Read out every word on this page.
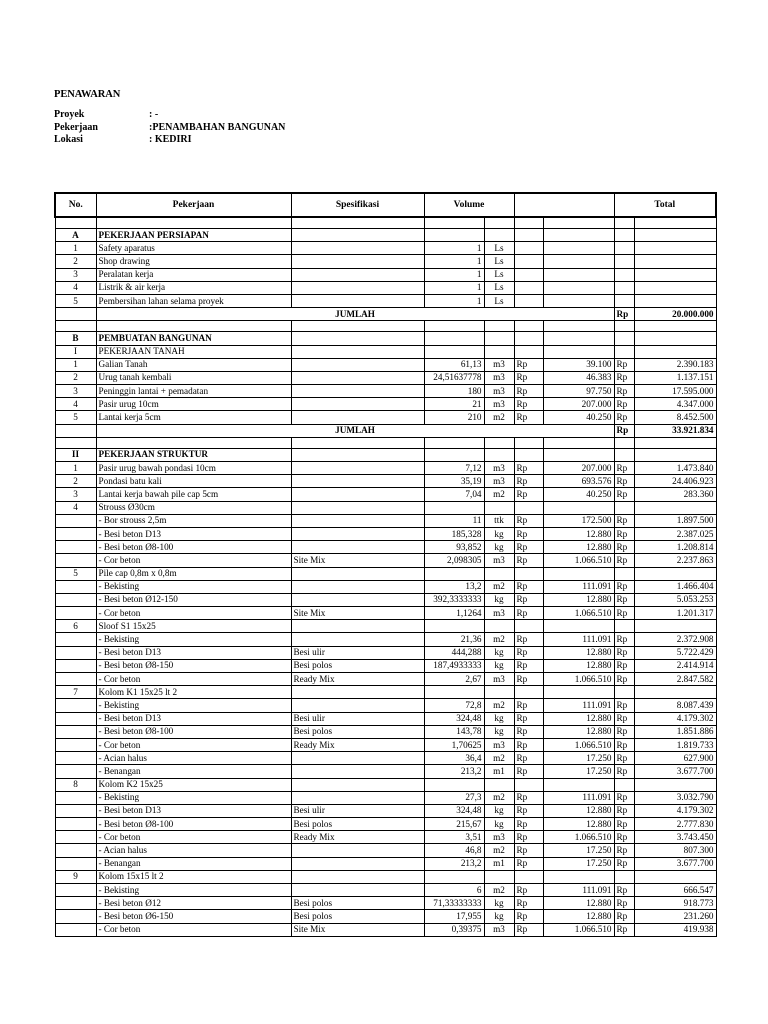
PENAWARAN
Proyek	: -
Pekerjaan	:PENAMBAHAN BANGUNAN
Lokasi	: KEDIRI
No.	Pekerjaan	Spesifikasi	Volume				Total	

A	PEKERJAAN PERSIAPAN							
1	Safety aparatus		1	Ls				
2	Shop drawing		1	Ls				
3	Peralatan kerja		1	Ls				
4	Listrik & air kerja		1	Ls				
5	Pembersihan lahan selama proyek		1	Ls				
	JUMLAH						Rp	20.000.000

B	PEMBUATAN BANGUNAN							
I	PEKERJAAN TANAH							
1	Galian Tanah		61,13	m3	Rp	39.100	Rp	2.390.183
2	Urug tanah kembali		24,51637778	m3	Rp	46.383	Rp	1.137.151
3	Peninggin lantai + pemadatan		180	m3	Rp	97.750	Rp	17.595.000
4	Pasir urug 10cm		21	m3	Rp	207.000	Rp	4.347.000
5	Lantai kerja 5cm		210	m2	Rp	40.250	Rp	8.452.500
	JUMLAH						Rp	33.921.834

II	PEKERJAAN STRUKTUR							
1	Pasir urug bawah pondasi 10cm		7,12	m3	Rp	207.000	Rp	1.473.840
2	Pondasi batu kali		35,19	m3	Rp	693.576	Rp	24.406.923
3	Lantai kerja bawah pile cap 5cm		7,04	m2	Rp	40.250	Rp	283.360
4	Strouss Ø30cm							
	- Bor strouss 2,5m		11	ttk	Rp	172.500	Rp	1.897.500
	- Besi beton D13		185,328	kg	Rp	12.880	Rp	2.387.025
	- Besi beton Ø8-100		93,852	kg	Rp	12.880	Rp	1.208.814
	- Cor beton	Site Mix	2,098305	m3	Rp	1.066.510	Rp	2.237.863
5	Pile cap 0,8m x 0,8m							
	- Bekisting		13,2	m2	Rp	111.091	Rp	1.466.404
	- Besi beton Ø12-150		392,3333333	kg	Rp	12.880	Rp	5.053.253
	- Cor beton	Site Mix	1,1264	m3	Rp	1.066.510	Rp	1.201.317
6	Sloof S1 15x25							
	- Bekisting		21,36	m2	Rp	111.091	Rp	2.372.908
	- Besi beton D13	Besi ulir	444,288	kg	Rp	12.880	Rp	5.722.429
	- Besi beton Ø8-150	Besi polos	187,4933333	kg	Rp	12.880	Rp	2.414.914
	- Cor beton	Ready Mix	2,67	m3	Rp	1.066.510	Rp	2.847.582
7	Kolom K1 15x25 lt 2							
	- Bekisting		72,8	m2	Rp	111.091	Rp	8.087.439
	- Besi beton D13	Besi ulir	324,48	kg	Rp	12.880	Rp	4.179.302
	- Besi beton Ø8-100	Besi polos	143,78	kg	Rp	12.880	Rp	1.851.886
	- Cor beton	Ready Mix	1,70625	m3	Rp	1.066.510	Rp	1.819.733
	- Acian halus		36,4	m2	Rp	17.250	Rp	627.900
	- Benangan		213,2	m1	Rp	17.250	Rp	3.677.700
8	Kolom K2 15x25							
	- Bekisting		27,3	m2	Rp	111.091	Rp	3.032.790
	- Besi beton D13	Besi ulir	324,48	kg	Rp	12.880	Rp	4.179.302
	- Besi beton Ø8-100	Besi polos	215,67	kg	Rp	12.880	Rp	2.777.830
	- Cor beton	Ready Mix	3,51	m3	Rp	1.066.510	Rp	3.743.450
	- Acian halus		46,8	m2	Rp	17.250	Rp	807.300
	- Benangan		213,2	m1	Rp	17.250	Rp	3.677.700
9	Kolom 15x15 lt 2							
	- Bekisting		6	m2	Rp	111.091	Rp	666.547
	- Besi beton Ø12	Besi polos	71,33333333	kg	Rp	12.880	Rp	918.773
	- Besi beton Ø6-150	Besi polos	17,955	kg	Rp	12.880	Rp	231.260
	- Cor beton	Site Mix	0,39375	m3	Rp	1.066.510	Rp	419.938
